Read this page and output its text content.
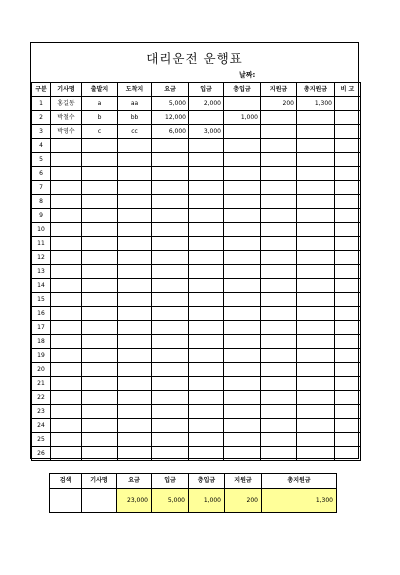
대리운전 운행표
날짜:
구분	기사명	출발지	도착지	요금	입금	충입금	지원금	총지원금	비 고
1	홍길동	a	aa	5,000	2,000		200	1,300	
2	박철수	b	bb	12,000		1,000			
3	박영수	c	cc	6,000	3,000				
4									
5									
6									
7									
8									
9									
10									
11									
12									
13									
14									
15									
16									
17									
18									
19									
20									
21									
22									
23									
24									
25									
26									
검색	기사명	요금	입금	충입금	지원금	총지원금
		23,000	5,000	1,000	200	1,300
